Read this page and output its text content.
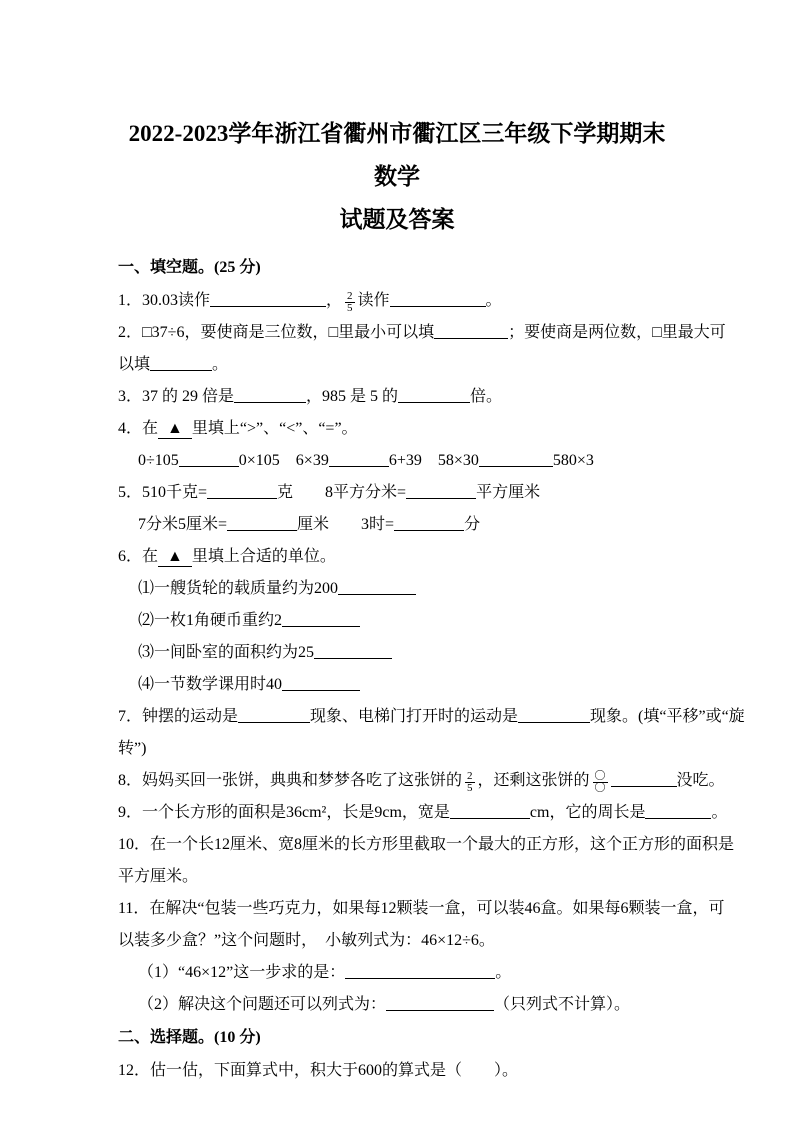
2022-2023学年浙江省衢州市衢江区三年级下学期期末数学
试题及答案
一、填空题。(25 分)
1．30.03读作	， $\frac{2}{5}$ 读作	。
2．□37÷6，要使商是三位数，□里最小可以填	；要使商是两位数，□里最大可
以填	。
3．37 的 29 倍是	，985 是 5 的	倍。
4．在 ▲ 里填上“>”、“<”、“=”。
0÷105	0×105　6×39	6+39　58×30	580×3
5．510千克=	克　　8平方分米=	平方厘米
7分米5厘米=	厘米　　3时=	分
6．在 ▲ 里填上合适的单位。
⑴一艘货轮的载质量约为200
⑵一枚1角硬币重约2
⑶一间卧室的面积约为25
⑷一节数学课用时40
7．钟摆的运动是	现象、电梯门打开时的运动是	现象。(填“平移”或“旋
转”)
8．妈妈买回一张饼，典典和梦梦各吃了这张饼的 $\frac{2}{5}$ ，还剩这张饼的 $\frac{\text{〇}}{\text{〇}}$	没吃。
9．一个长方形的面积是36cm²，长是9cm，宽是	cm，它的周长是	。
10．在一个长12厘米、宽8厘米的长方形里截取一个最大的正方形，这个正方形的面积是
平方厘米。
11．在解决“包装一些巧克力，如果每12颗装一盒，可以装46盒。如果每6颗装一盒，可
以装多少盒？”这个问题时，　小敏列式为：46×12÷6。
（1）“46×12”这一步求的是：	。
（2）解决这个问题还可以列式为：	（只列式不计算）。
二、选择题。(10 分)
12．估一估，下面算式中，积大于600的算式是（　　）。
